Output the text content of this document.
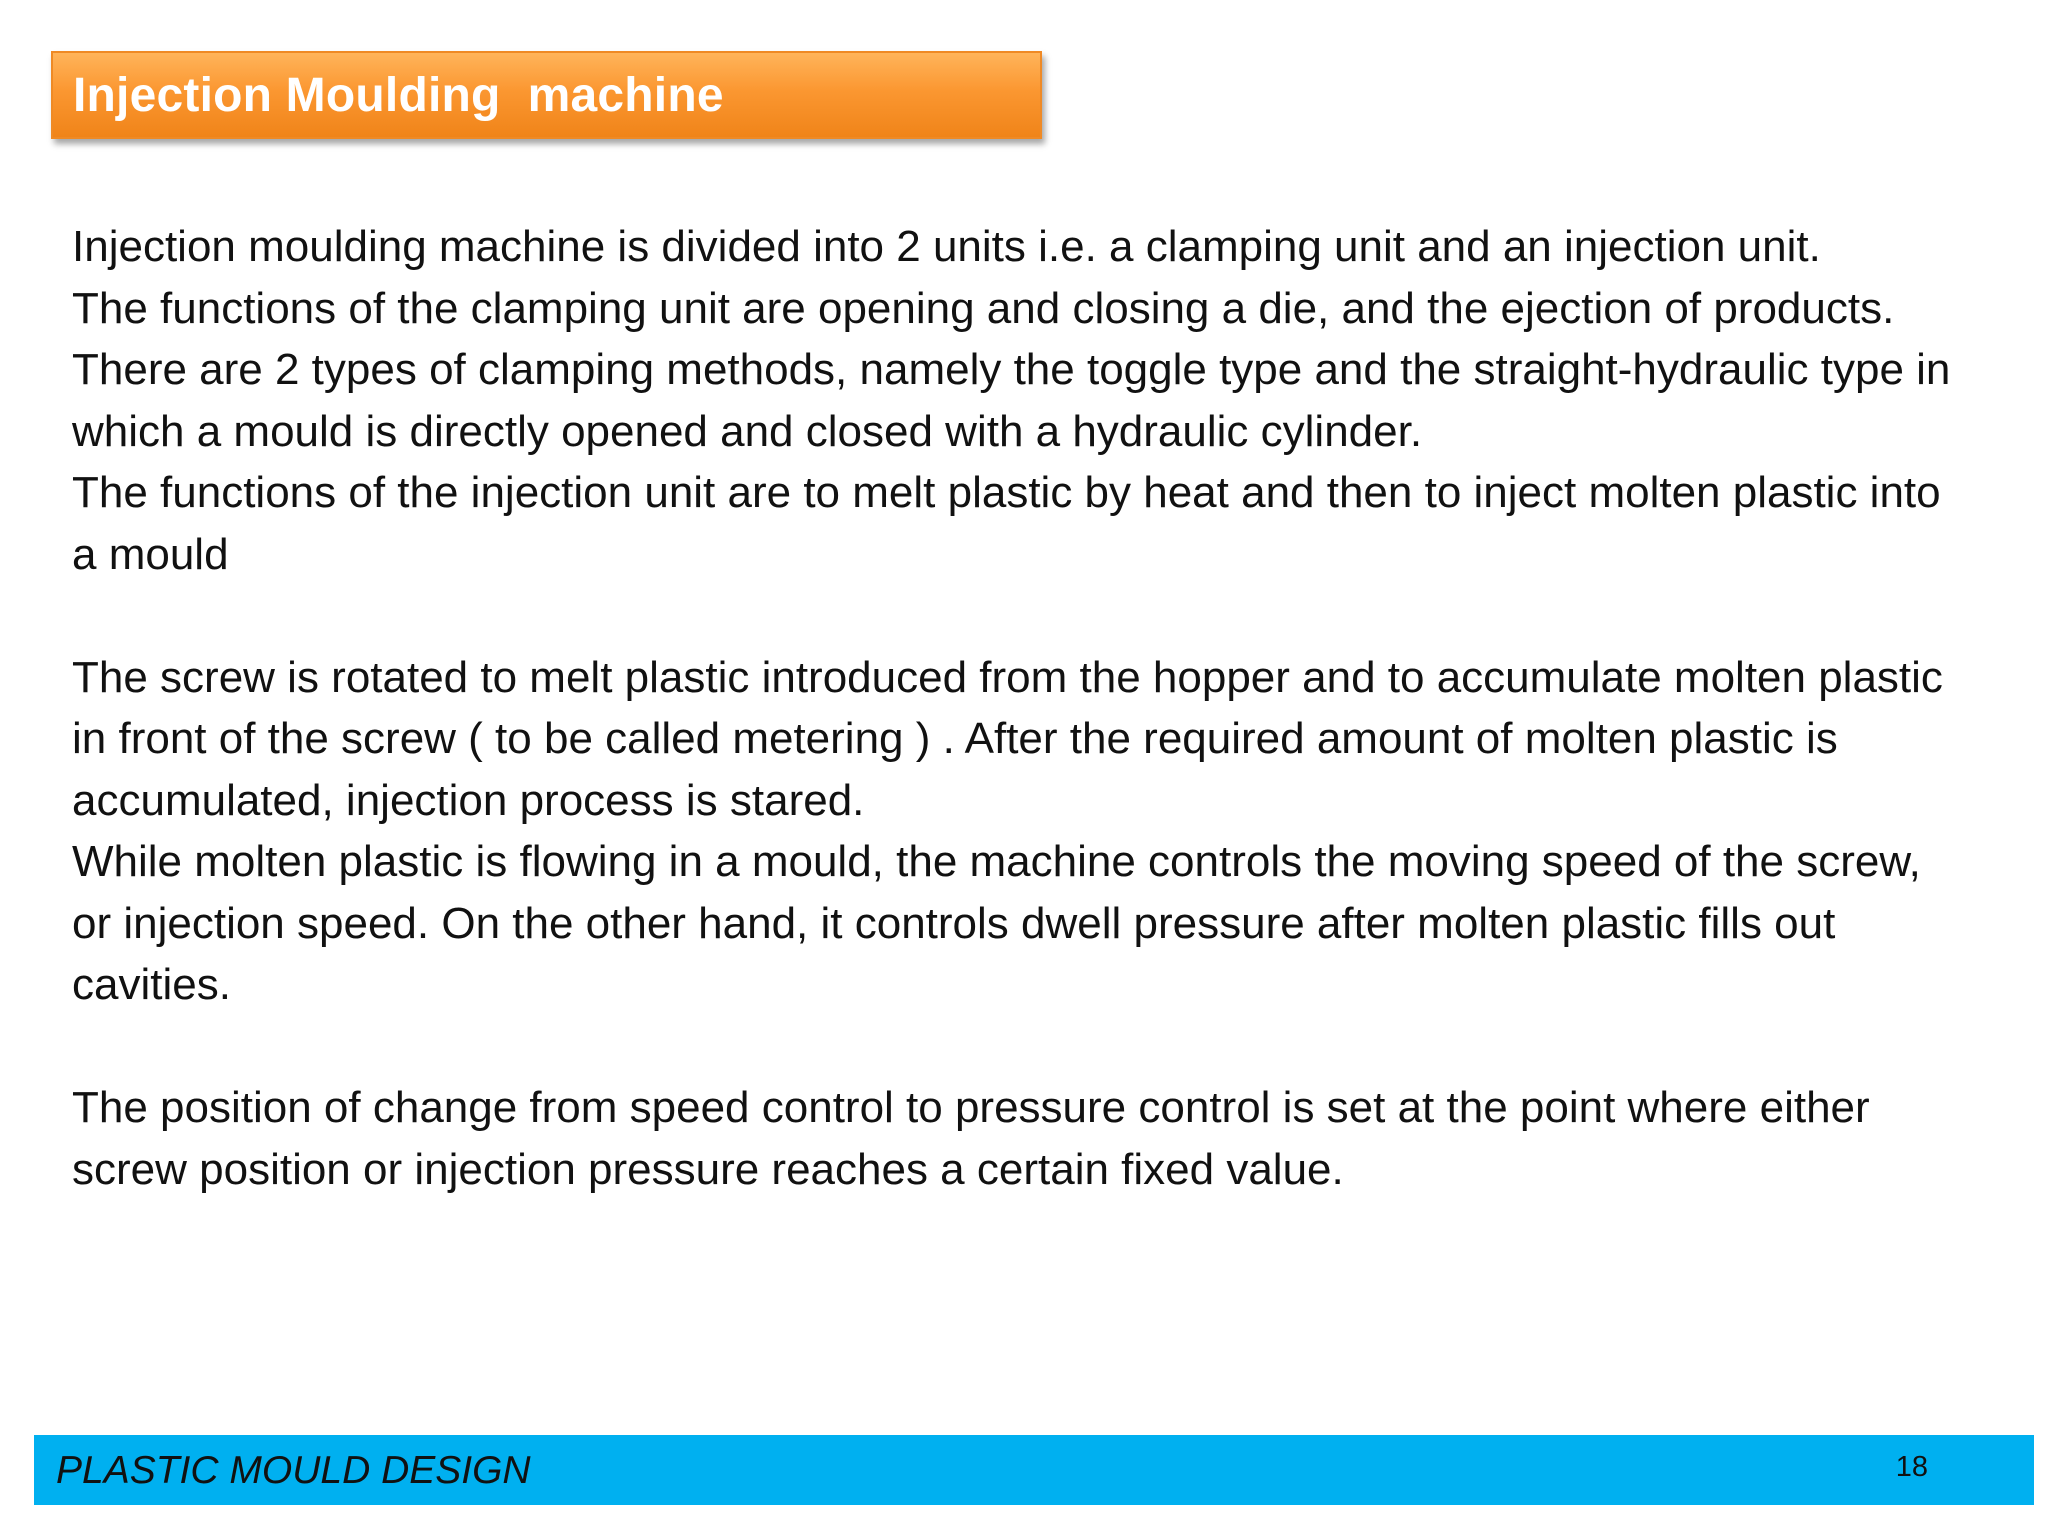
Injection Moulding  machine

Injection moulding machine is divided into 2 units i.e. a clamping unit and an injection unit.

The functions of the clamping unit are opening and closing a die, and the ejection of products. There are 2 types of clamping methods, namely the toggle type and the straight-hydraulic type in which a mould is directly opened and closed with a hydraulic cylinder.

The functions of the injection unit are to melt plastic by heat and then to inject molten plastic into a mould

The screw is rotated to melt plastic introduced from the hopper and to accumulate molten plastic in front of the screw ( to be called metering ) . After the required amount of molten plastic is accumulated, injection process is stared.

While molten plastic is flowing in a mould, the machine controls the moving speed of the screw, or injection speed. On the other hand, it controls dwell pressure after molten plastic fills out cavities.

The position of change from speed control to pressure control is set at the point where either screw position or injection pressure reaches a certain fixed value.

PLASTIC MOULD DESIGN	18
